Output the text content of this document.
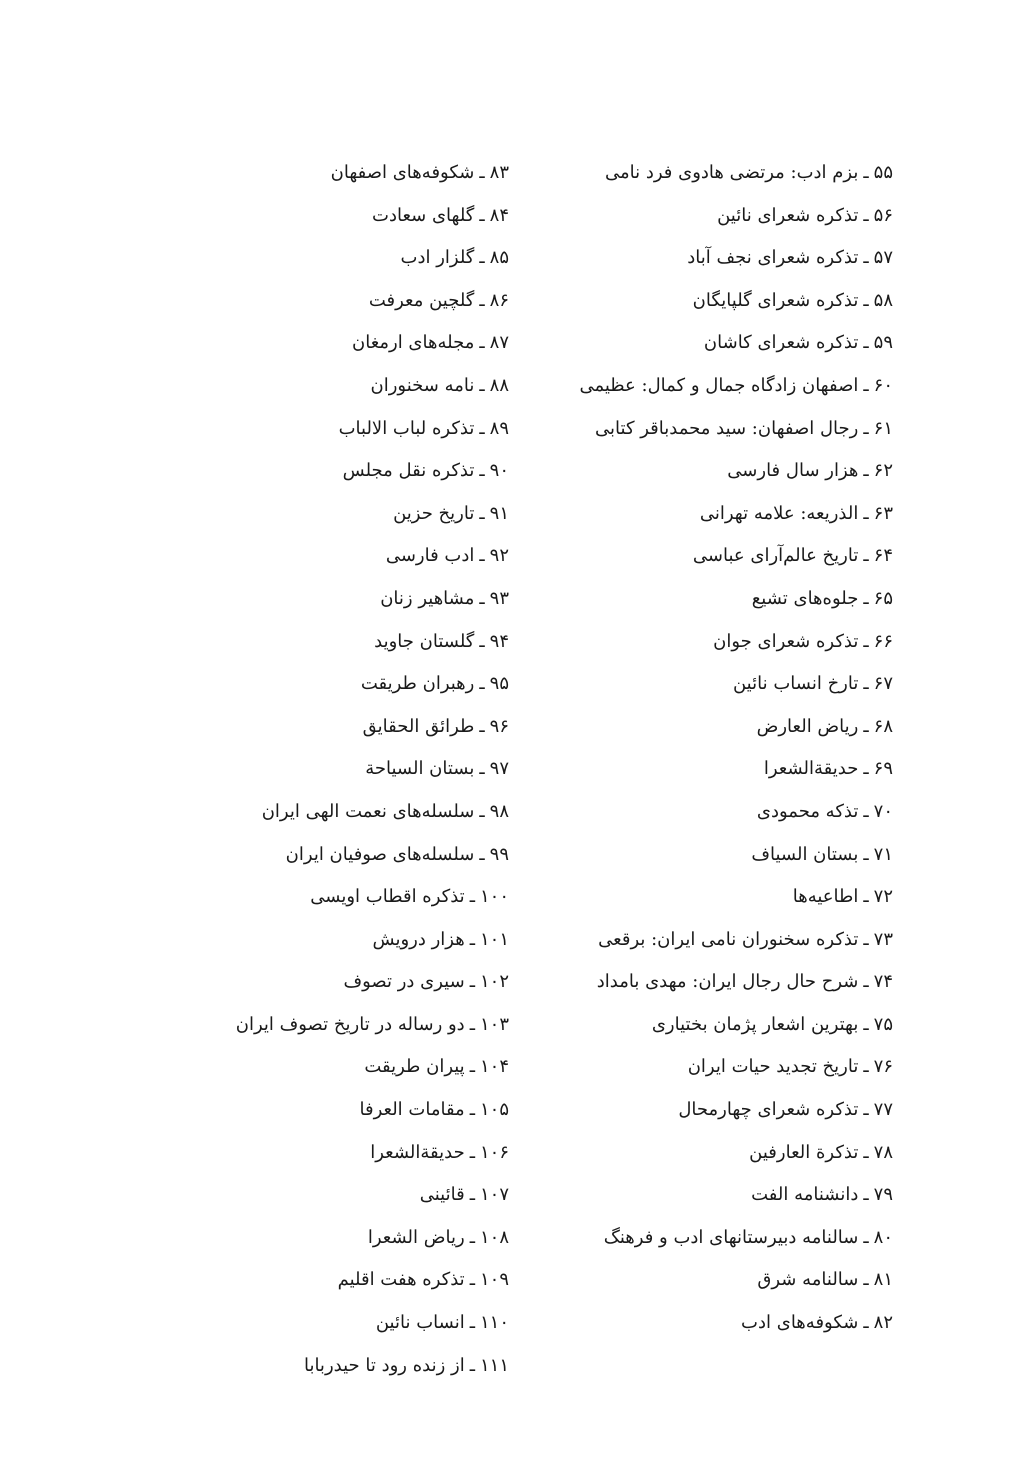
۵۵ـبزم ادب: مرتضی هادوی فرد نامی
۵۶ـتذکره شعرای نائین
۵۷ـتذکره شعرای نجف آباد
۵۸ـتذکره شعرای گلپایگان
۵۹ـتذکره شعرای کاشان
۶۰ـاصفهان زادگاه جمال و کمال: عظیمی
۶۱ـرجال اصفهان: سید محمدباقر کتابی
۶۲ـهزار سال فارسی
۶۳ـالذریعه: علامه تهرانی
۶۴ـتاریخ عالم‌آرای عباسی
۶۵ـجلوه‌های تشیع
۶۶ـتذکره شعرای جوان
۶۷ـتارخ انساب نائین
۶۸ـریاض العارض
۶۹ـحدیقةالشعرا
۷۰ـتذکه محمودی
۷۱ـبستان السیاف
۷۲ـاطاعیه‌ها
۷۳ـتذکره سخنوران نامی ایران: برقعی
۷۴ـشرح حال رجال ایران: مهدی بامداد
۷۵ـبهترین اشعار پژمان بختیاری
۷۶ـتاریخ تجدید حیات ایران
۷۷ـتذکره شعرای چهارمحال
۷۸ـتذکرة العارفین
۷۹ـدانشنامه الفت
۸۰ـسالنامه دبیرستانهای ادب و فرهنگ
۸۱ـسالنامه شرق
۸۲ـشکوفه‌های ادب
۸۳ـشکوفه‌های اصفهان
۸۴ـگلهای سعادت
۸۵ـگلزار ادب
۸۶ـگلچین معرفت
۸۷ـمجله‌های ارمغان
۸۸ـنامه سخنوران
۸۹ـتذکره لباب الالباب
۹۰ـتذکره نقل مجلس
۹۱ـتاریخ حزین
۹۲ـادب فارسی
۹۳ـمشاهیر زنان
۹۴ـگلستان جاوید
۹۵ـرهبران طریقت
۹۶ـطرائق الحقایق
۹۷ـبستان السیاحة
۹۸ـسلسله‌های نعمت الهی ایران
۹۹ـسلسله‌های صوفیان ایران
۱۰۰ـتذکره اقطاب اویسی
۱۰۱ـهزار درویش
۱۰۲ـسیری در تصوف
۱۰۳ـدو رساله در تاریخ تصوف ایران
۱۰۴ـپیران طریقت
۱۰۵ـمقامات العرفا
۱۰۶ـحدیقةالشعرا
۱۰۷ـقائینی
۱۰۸ـریاض الشعرا
۱۰۹ـتذکره هفت اقلیم
۱۱۰ـانساب نائین
۱۱۱ـاز زنده رود تا حیدربابا
